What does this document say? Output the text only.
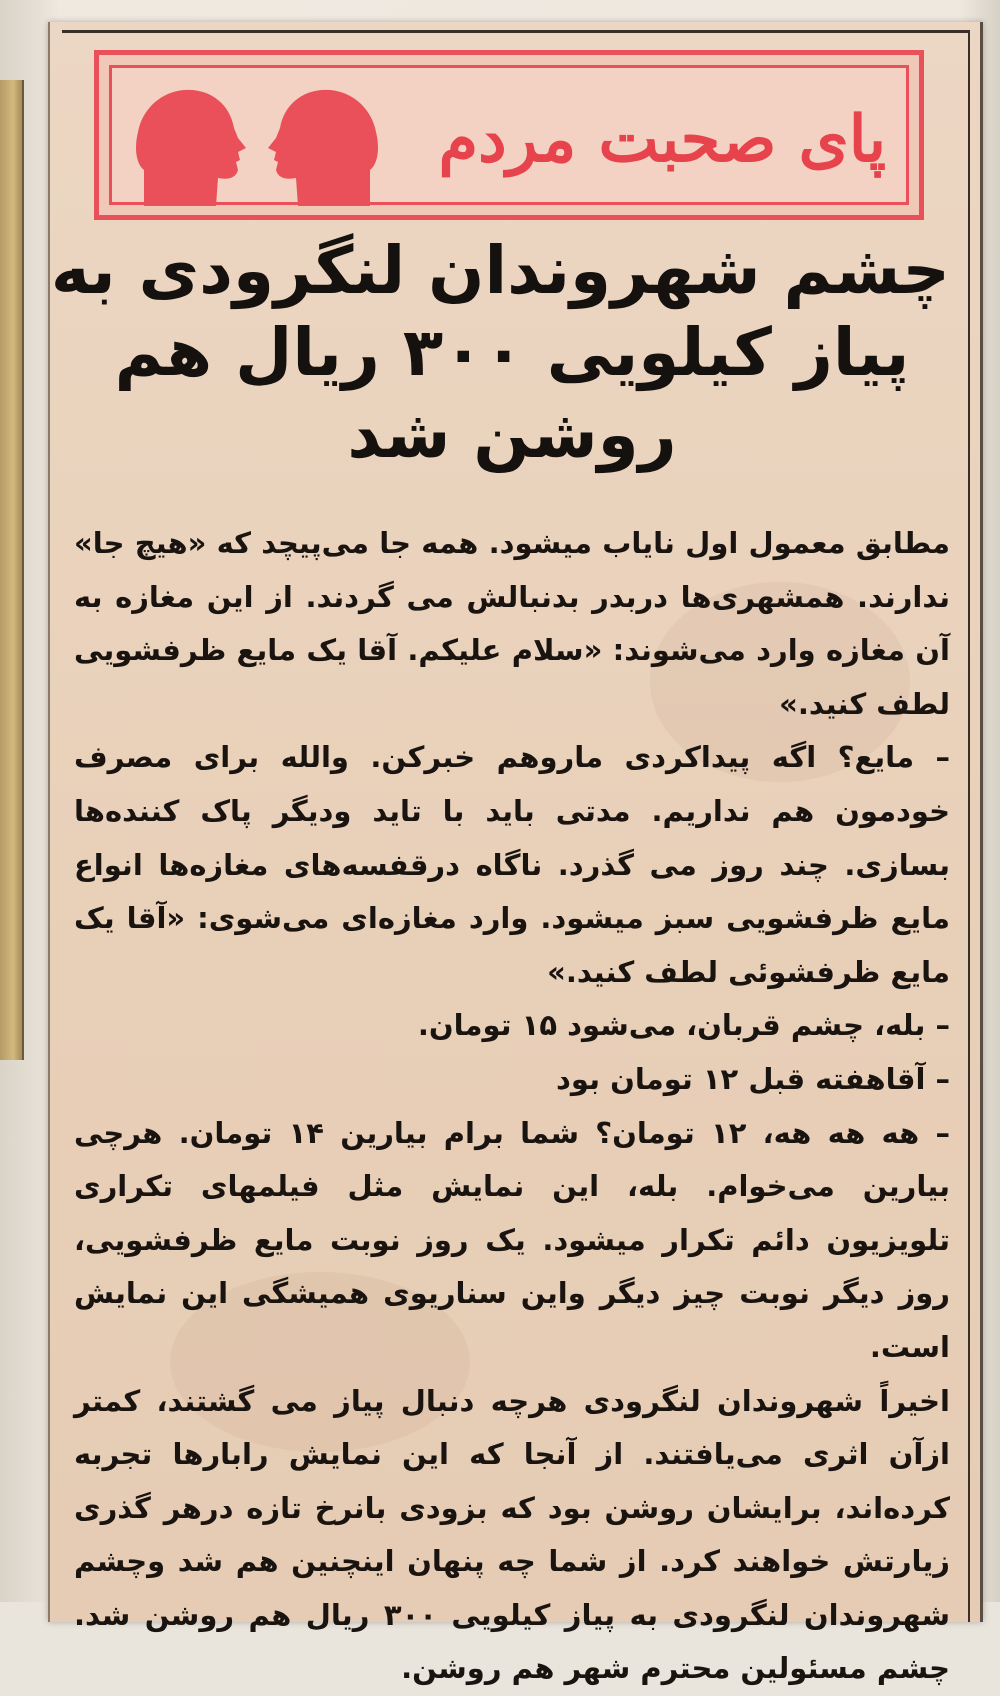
پای صحبت مردم
چشم شهروندان لنگرودی به
پیاز کیلویی ۳۰۰ ریال هم
روشن شد

مطابق معمول اول نایاب میشود. همه جا می‌پیچد که «هیچ جا» ندارند. همشهری‌ها دربدر بدنبالش می گردند. از این مغازه به آن مغازه وارد می‌شوند: «سلام علیکم. آقا یک مایع ظرفشویی لطف کنید.»

– مایع؟ اگه پیداکردی ماروهم خبرکن. والله برای مصرف خودمون هم نداریم. مدتی باید با تاید ودیگر پاک کننده‌ها بسازی. چند روز می گذرد. ناگاه درقفسه‌های مغازه‌ها انواع مایع ظرفشویی سبز میشود. وارد مغازه‌ای می‌شوی: «آقا یک مایع ظرفشوئی لطف کنید.»

– بله، چشم قربان، می‌شود ۱۵ تومان.

– آقاهفته قبل ۱۲ تومان بود

– هه هه هه، ۱۲ تومان؟ شما برام بیارین ۱۴ تومان. هرچی بیارین می‌خوام. بله، این نمایش مثل فیلمهای تکراری تلویزیون دائم تکرار میشود. یک روز نوبت مایع ظرفشویی، روز دیگر نوبت چیز دیگر واین سناریوی همیشگی این نمایش است.

اخیراً شهروندان لنگرودی هرچه دنبال پیاز می گشتند، کمتر ازآن اثری می‌یافتند. از آنجا که این نمایش رابارها تجربه کرده‌اند، برایشان روشن بود که بزودی بانرخ تازه درهر گذری زیارتش خواهند کرد. از شما چه پنهان اینچنین هم شد وچشم شهروندان لنگرودی به پیاز کیلویی ۳۰۰ ریال هم روشن شد. چشم مسئولین محترم شهر هم روشن.
